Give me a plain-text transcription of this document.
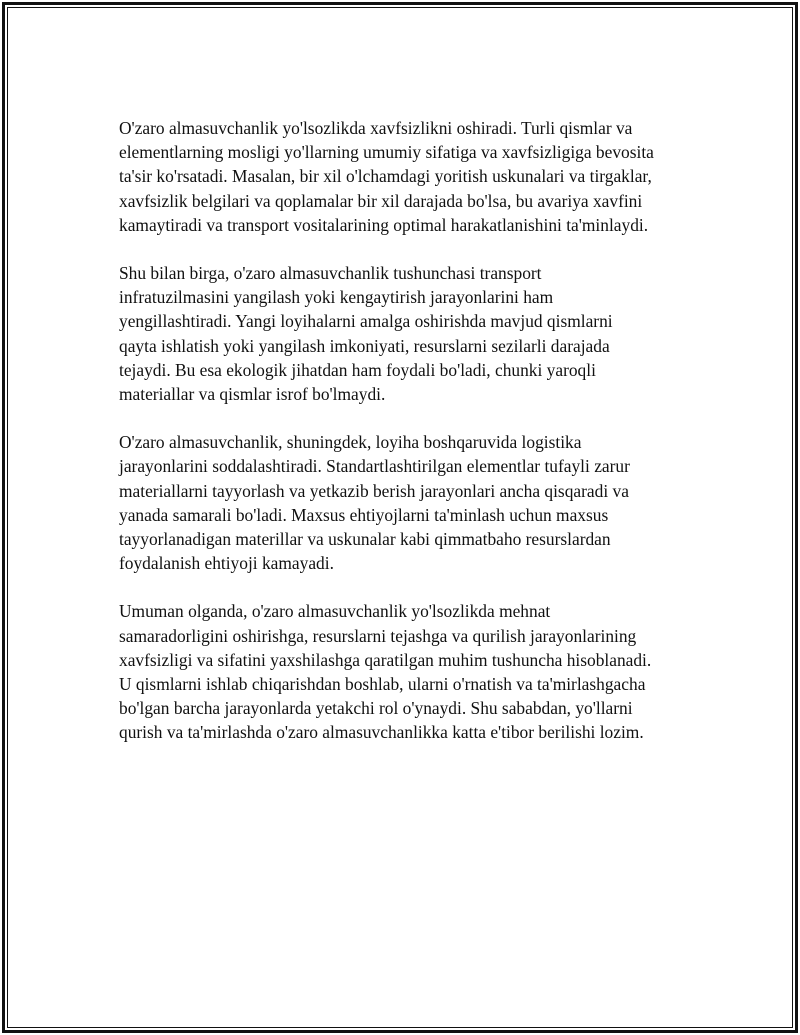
O'zaro almasuvchanlik yo'lsozlikda xavfsizlikni oshiradi. Turli qismlar va
elementlarning mosligi yo'llarning umumiy sifatiga va xavfsizligiga bevosita
ta'sir ko'rsatadi. Masalan, bir xil o'lchamdagi yoritish uskunalari va tirgaklar,
xavfsizlik belgilari va qoplamalar bir xil darajada bo'lsa, bu avariya xavfini
kamaytiradi va transport vositalarining optimal harakatlanishini ta'minlaydi.

Shu bilan birga, o'zaro almasuvchanlik tushunchasi transport
infratuzilmasini yangilash yoki kengaytirish jarayonlarini ham
yengillashtiradi. Yangi loyihalarni amalga oshirishda mavjud qismlarni
qayta ishlatish yoki yangilash imkoniyati, resurslarni sezilarli darajada
tejaydi. Bu esa ekologik jihatdan ham foydali bo'ladi, chunki yaroqli
materiallar va qismlar isrof bo'lmaydi.

O'zaro almasuvchanlik, shuningdek, loyiha boshqaruvida logistika
jarayonlarini soddalashtiradi. Standartlashtirilgan elementlar tufayli zarur
materiallarni tayyorlash va yetkazib berish jarayonlari ancha qisqaradi va
yanada samarali bo'ladi. Maxsus ehtiyojlarni ta'minlash uchun maxsus
tayyorlanadigan materillar va uskunalar kabi qimmatbaho resurslardan
foydalanish ehtiyoji kamayadi.

Umuman olganda, o'zaro almasuvchanlik yo'lsozlikda mehnat
samaradorligini oshirishga, resurslarni tejashga va qurilish jarayonlarining
xavfsizligi va sifatini yaxshilashga qaratilgan muhim tushuncha hisoblanadi.
U qismlarni ishlab chiqarishdan boshlab, ularni o'rnatish va ta'mirlashgacha
bo'lgan barcha jarayonlarda yetakchi rol o'ynaydi. Shu sababdan, yo'llarni
qurish va ta'mirlashda o'zaro almasuvchanlikka katta e'tibor berilishi lozim.
